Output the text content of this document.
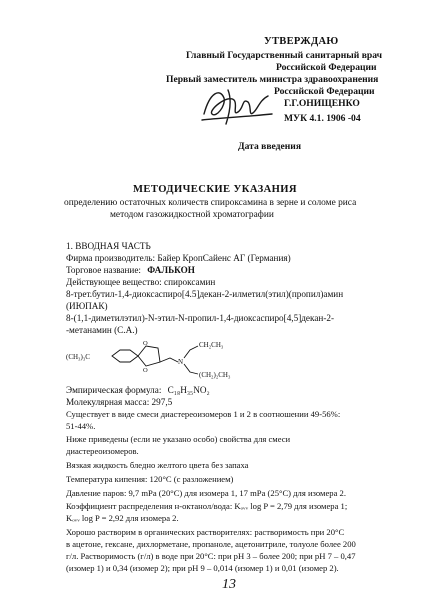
УТВЕРЖДАЮ
Главный Государственный санитарный врач
Российской Федерации
Первый заместитель министра здравоохранения
Российской Федерации
Г.Г.ОНИЩЕНКО
МУК 4.1. 1906 -04
Дата введения
МЕТОДИЧЕСКИЕ УКАЗАНИЯ
определению остаточных количеств спироксамина в зерне и соломе риса
методом газожидкостной хроматографии
1. ВВОДНАЯ ЧАСТЬ
Фирма производитель: Байер КропСайенс АГ (Германия)
Торговое название: ФАЛЬКОН
Действующее вещество: спироксамин
8-трет.бутил-1,4-диоксаспиро[4.5]декан-2-илметил(этил)(пропил)амин
(ИЮПАК)
8-(1,1-диметилэтил)-N-этил-N-пропил-1,4-диоксаспиро[4,5]декан-2-
-метанамин (C.A.)
(CH₃)₃C
O
O
N
CH₂CH₃
(CH₂)₂CH₃
Эмпирическая формула: C₁₈H₃₅NO₂
Молекулярная масса: 297,5
Существует в виде смеси диастереоизомеров 1 и 2 в соотношении 49-56%:
51-44%.
Ниже приведены (если не указано особо) свойства для смеси
диастереоизомеров.
Вязкая жидкость бледно желтого цвета без запаха
Температура кипения: 120°С (с разложением)
Давление паров: 9,7 mPa (20°C) для изомера 1, 17 mPa (25°C) для изомера 2.
Коэффициент распределения н-октанол/вода: Kₒᵥᵥ log P = 2,79 для изомера 1;
Kₒᵥᵥ log P = 2,92 для изомера 2.
Хорошо растворим в органических растворителях: растворимость при 20°C
в ацетоне, гексане, дихлорметане, пропаноле, ацетонитриле, толуоле более 200
г/л. Растворимость (г/л) в воде при 20°C: при pH 3 – более 200; при pH 7 – 0,47
(изомер 1) и 0,34 (изомер 2); при pH 9 – 0,014 (изомер 1) и 0,01 (изомер 2).
13
